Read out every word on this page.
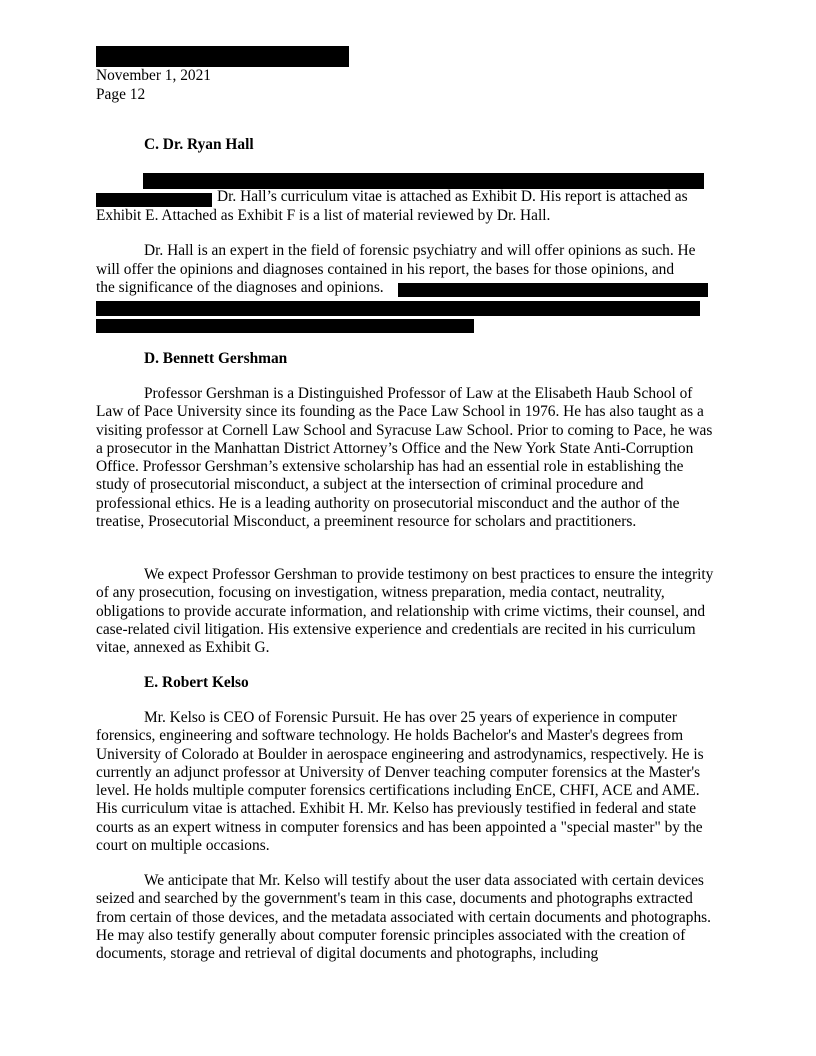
November 1, 2021
Page 12
C. Dr. Ryan Hall
Dr. Hall’s curriculum vitae is attached as Exhibit D. His report is attached as
Exhibit E. Attached as Exhibit F is a list of material reviewed by Dr. Hall.
Dr. Hall is an expert in the field of forensic psychiatry and will offer opinions as such. He
will offer the opinions and diagnoses contained in his report, the bases for those opinions, and
the significance of the diagnoses and opinions.
D. Bennett Gershman
Professor Gershman is a Distinguished Professor of Law at the Elisabeth Haub School of Law of Pace University since its founding as the Pace Law School in 1976. He has also taught as a visiting professor at Cornell Law School and Syracuse Law School. Prior to coming to Pace, he was a prosecutor in the Manhattan District Attorney’s Office and the New York State Anti-Corruption Office. Professor Gershman’s extensive scholarship has had an essential role in establishing the study of prosecutorial misconduct, a subject at the intersection of criminal procedure and professional ethics. He is a leading authority on prosecutorial misconduct and the author of the treatise, Prosecutorial Misconduct, a preeminent resource for scholars and practitioners.
We expect Professor Gershman to provide testimony on best practices to ensure the integrity of any prosecution, focusing on investigation, witness preparation, media contact, neutrality, obligations to provide accurate information, and relationship with crime victims, their counsel, and case-related civil litigation. His extensive experience and credentials are recited in his curriculum vitae, annexed as Exhibit G.
E. Robert Kelso
Mr. Kelso is CEO of Forensic Pursuit. He has over 25 years of experience in computer forensics, engineering and software technology. He holds Bachelor's and Master's degrees from University of Colorado at Boulder in aerospace engineering and astrodynamics, respectively. He is currently an adjunct professor at University of Denver teaching computer forensics at the Master's level. He holds multiple computer forensics certifications including EnCE, CHFI, ACE and AME. His curriculum vitae is attached. Exhibit H. Mr. Kelso has previously testified in federal and state courts as an expert witness in computer forensics and has been appointed a "special master" by the court on multiple occasions.
We anticipate that Mr. Kelso will testify about the user data associated with certain devices seized and searched by the government's team in this case, documents and photographs extracted from certain of those devices, and the metadata associated with certain documents and photographs. He may also testify generally about computer forensic principles associated with the creation of documents, storage and retrieval of digital documents and photographs, including
